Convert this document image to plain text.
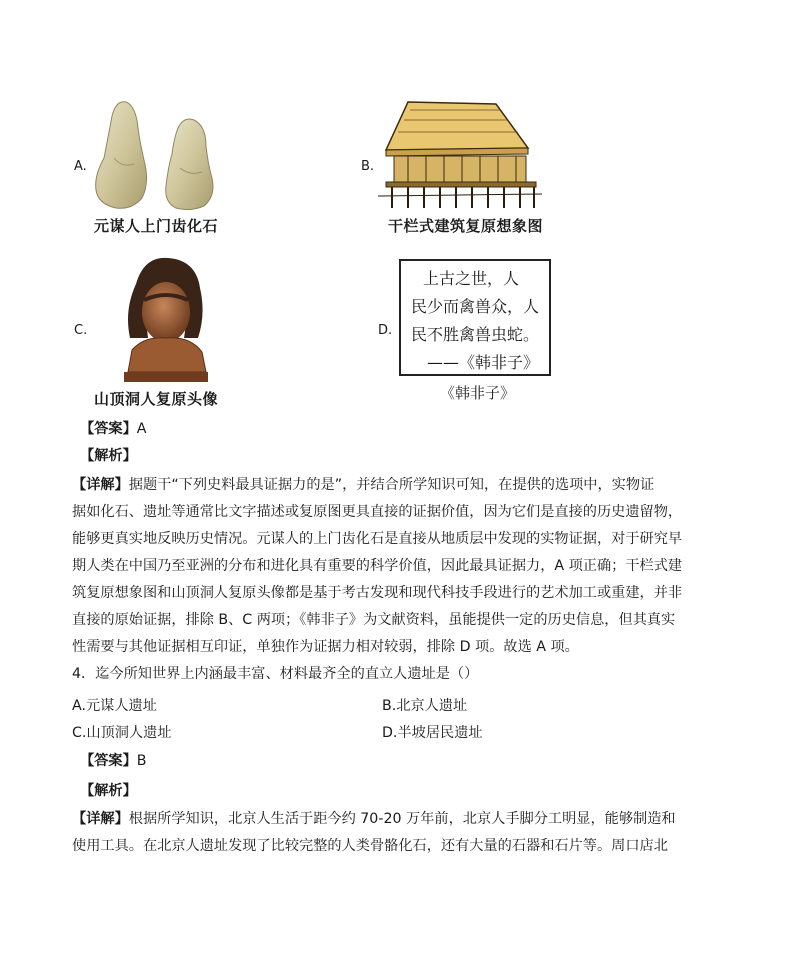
A.
元谋人上门齿化石
B.
干栏式建筑复原想象图
C.
山顶洞人复原头像
D.
上古之世，人
民少而禽兽众，人
民不胜禽兽虫蛇。
——《韩非子》
《韩非子》
【答案】A
【解析】
【详解】据题干“下列史料最具证据力的是”，并结合所学知识可知，在提供的选项中，实物证
据如化石、遗址等通常比文字描述或复原图更具直接的证据价值，因为它们是直接的历史遗留物，
能够更真实地反映历史情况。元谋人的上门齿化石是直接从地质层中发现的实物证据，对于研究早
期人类在中国乃至亚洲的分布和进化具有重要的科学价值，因此最具证据力，A 项正确；干栏式建
筑复原想象图和山顶洞人复原头像都是基于考古发现和现代科技手段进行的艺术加工或重建，并非
直接的原始证据，排除 B、C 两项；《韩非子》为文献资料，虽能提供一定的历史信息，但其真实
性需要与其他证据相互印证，单独作为证据力相对较弱，排除 D 项。故选 A 项。
4．迄今所知世界上内涵最丰富、材料最齐全的直立人遗址是（）
A.元谋人遗址	B.北京人遗址
C.山顶洞人遗址	D.半坡居民遗址
【答案】B
【解析】
【详解】根据所学知识，北京人生活于距今约 70-20 万年前，北京人手脚分工明显，能够制造和
使用工具。在北京人遗址发现了比较完整的人类骨骼化石，还有大量的石器和石片等。周口店北
